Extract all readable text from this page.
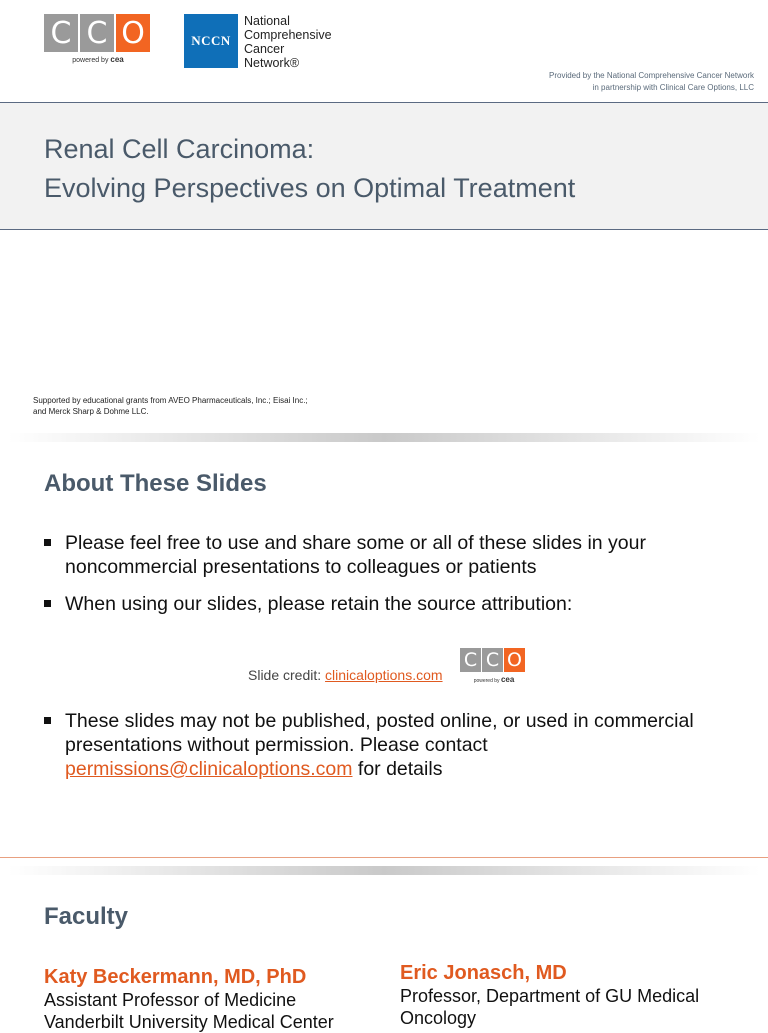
C C O
powered by cea
NCCN
National
Comprehensive
Cancer
Network®
Provided by the National Comprehensive Cancer Network
in partnership with Clinical Care Options, LLC
Renal Cell Carcinoma:
Evolving Perspectives on Optimal Treatment
Supported by educational grants from AVEO Pharmaceuticals, Inc.; Eisai Inc.;
and Merck Sharp & Dohme LLC.
About These Slides
Please feel free to use and share some or all of these slides in your noncommercial presentations to colleagues or patients
When using our slides, please retain the source attribution:
Slide credit: clinicaloptions.com
C C O
powered by cea
These slides may not be published, posted online, or used in commercial presentations without permission. Please contact permissions@clinicaloptions.com for details
Faculty
Katy Beckermann, MD, PhD
Assistant Professor of Medicine
Vanderbilt University Medical Center
Eric Jonasch, MD
Professor, Department of GU Medical
Oncology
